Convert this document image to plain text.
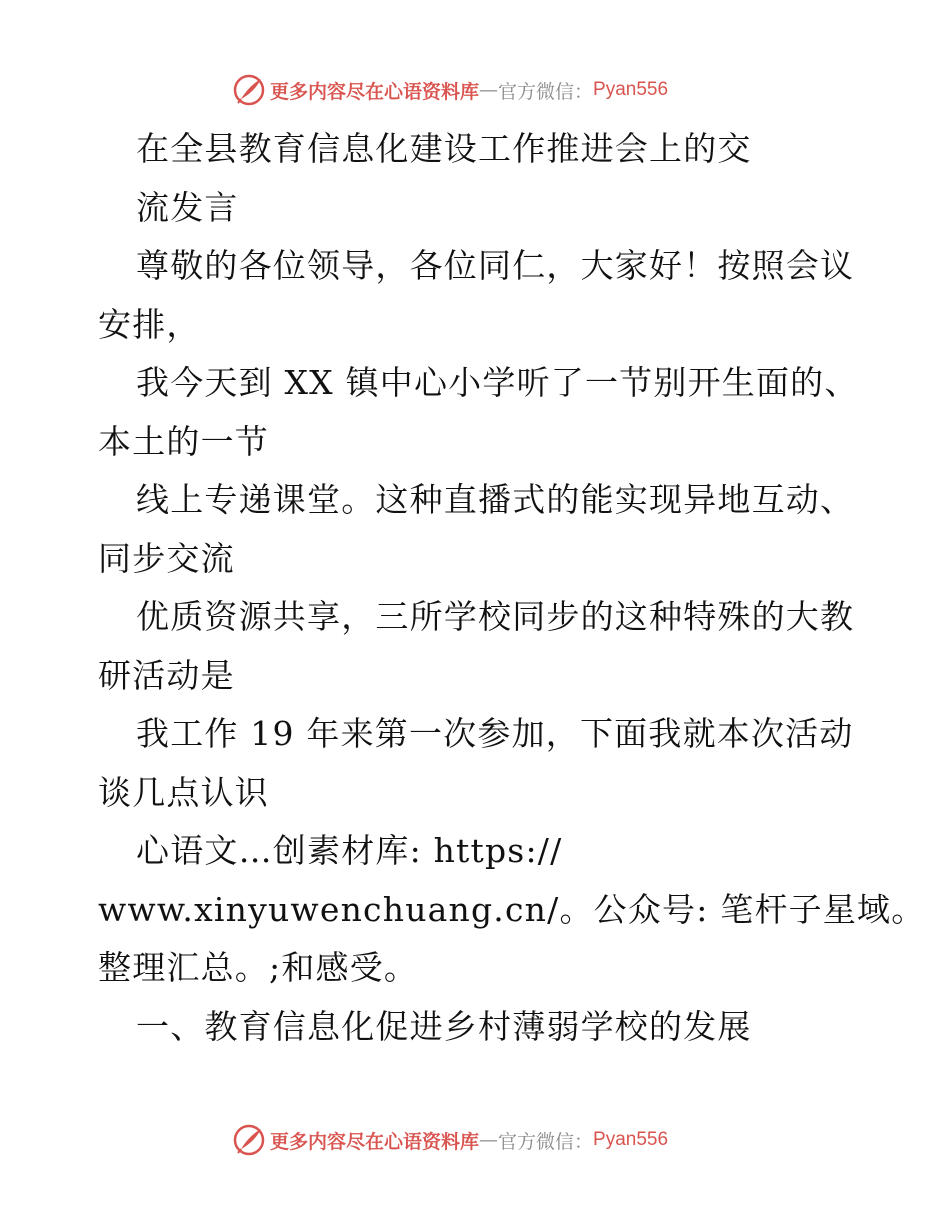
更多内容尽在心语资料库 — 官方微信： Pyan556
在全县教育信息化建设工作推进会上的交
流发言
尊敬的各位领导，各位同仁，大家好！按照会议
安排，
我今天到 XX 镇中心小学听了一节别开生面的、
本土的一节
线上专递课堂。这种直播式的能实现异地互动、
同步交流
优质资源共享，三所学校同步的这种特殊的大教
研活动是
我工作 19 年来第一次参加，下面我就本次活动
谈几点认识
心语文…创素材库: https://
www.xinyuwenchuang.cn/。公众号: 笔杆子星域。
整理汇总。;和感受。
一、教育信息化促进乡村薄弱学校的发展
更多内容尽在心语资料库 — 官方微信： Pyan556
